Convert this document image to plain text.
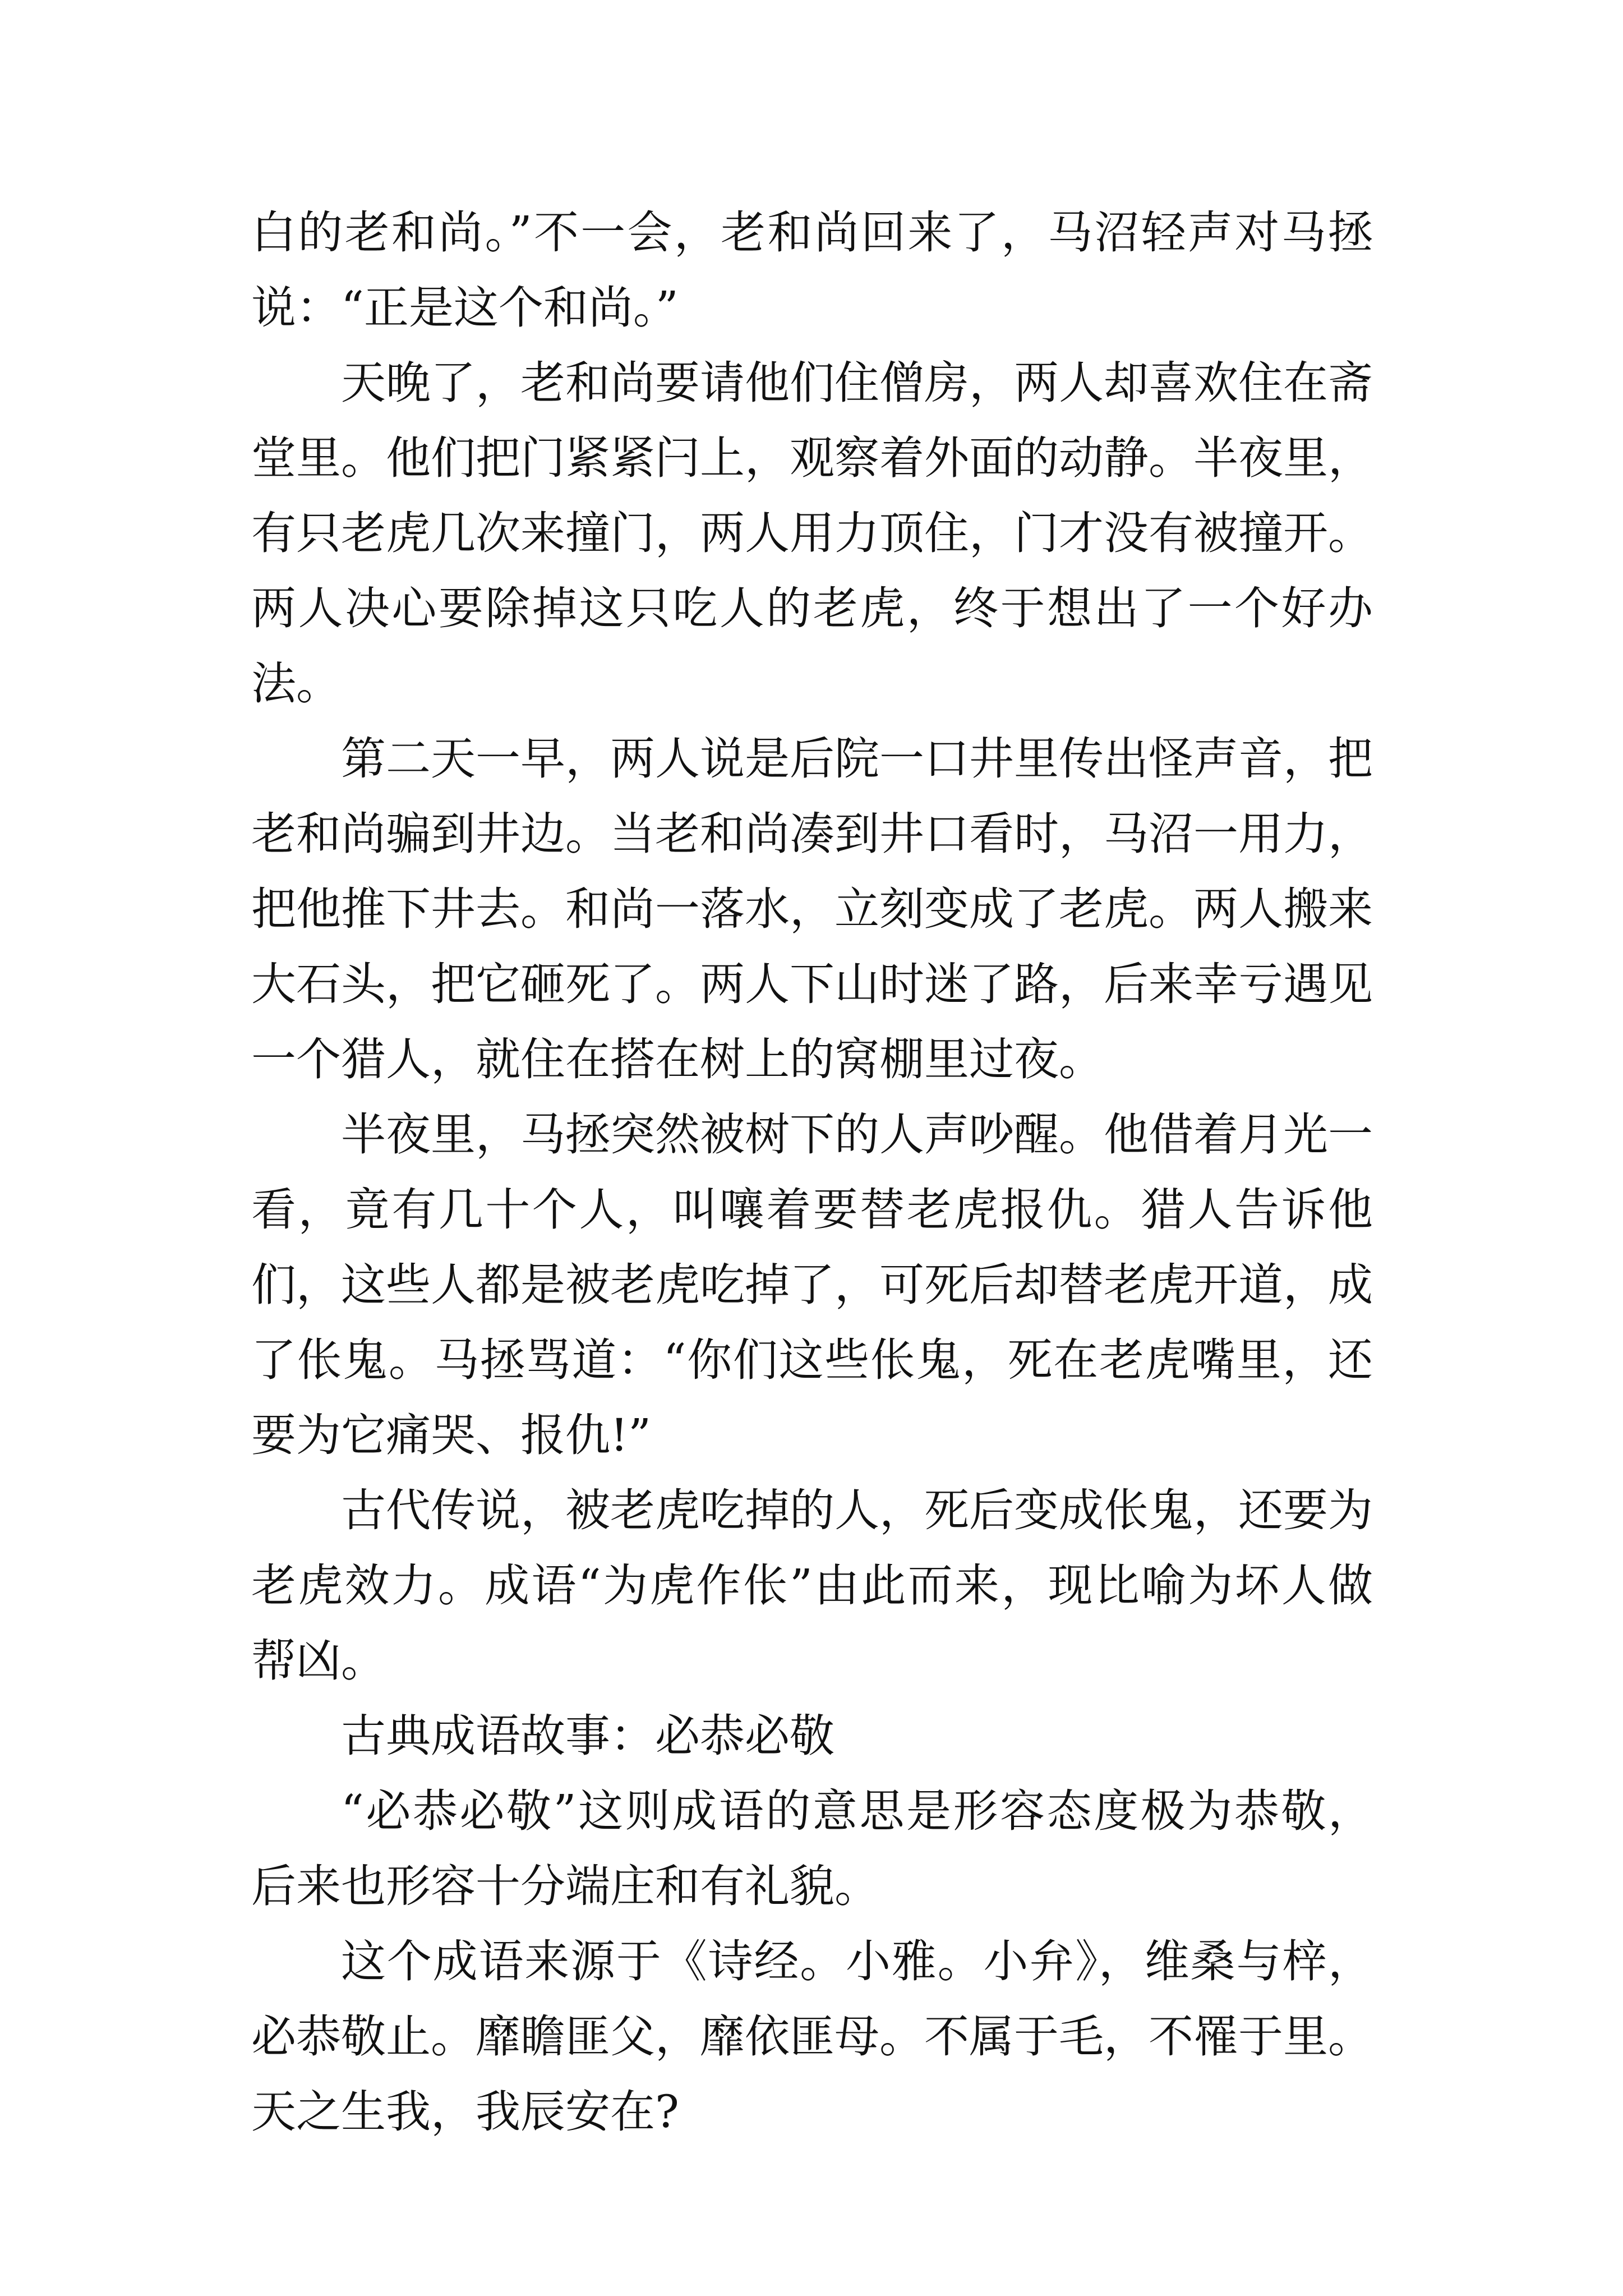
白的老和尚。”不一会，老和尚回来了，马沼轻声对马拯说：“正是这个和尚。”

天晚了，老和尚要请他们住僧房，两人却喜欢住在斋堂里。他们把门紧紧闩上，观察着外面的动静。半夜里，有只老虎几次来撞门，两人用力顶住，门才没有被撞开。两人决心要除掉这只吃人的老虎，终于想出了一个好办法。

第二天一早，两人说是后院一口井里传出怪声音，把老和尚骗到井边。当老和尚凑到井口看时，马沼一用力，把他推下井去。和尚一落水，立刻变成了老虎。两人搬来大石头，把它砸死了。两人下山时迷了路，后来幸亏遇见一个猎人，就住在搭在树上的窝棚里过夜。

半夜里，马拯突然被树下的人声吵醒。他借着月光一看，竟有几十个人，叫嚷着要替老虎报仇。猎人告诉他们，这些人都是被老虎吃掉了，可死后却替老虎开道，成了伥鬼。马拯骂道：“你们这些伥鬼，死在老虎嘴里，还要为它痛哭、报仇!”

古代传说，被老虎吃掉的人，死后变成伥鬼，还要为老虎效力。成语“为虎作伥”由此而来，现比喻为坏人做帮凶。

古典成语故事：必恭必敬

“必恭必敬”这则成语的意思是形容态度极为恭敬，后来也形容十分端庄和有礼貌。

这个成语来源于《诗经。小雅。小弁》，维桑与梓，必恭敬止。靡瞻匪父，靡依匪母。不属于毛，不罹于里。天之生我，我辰安在?
